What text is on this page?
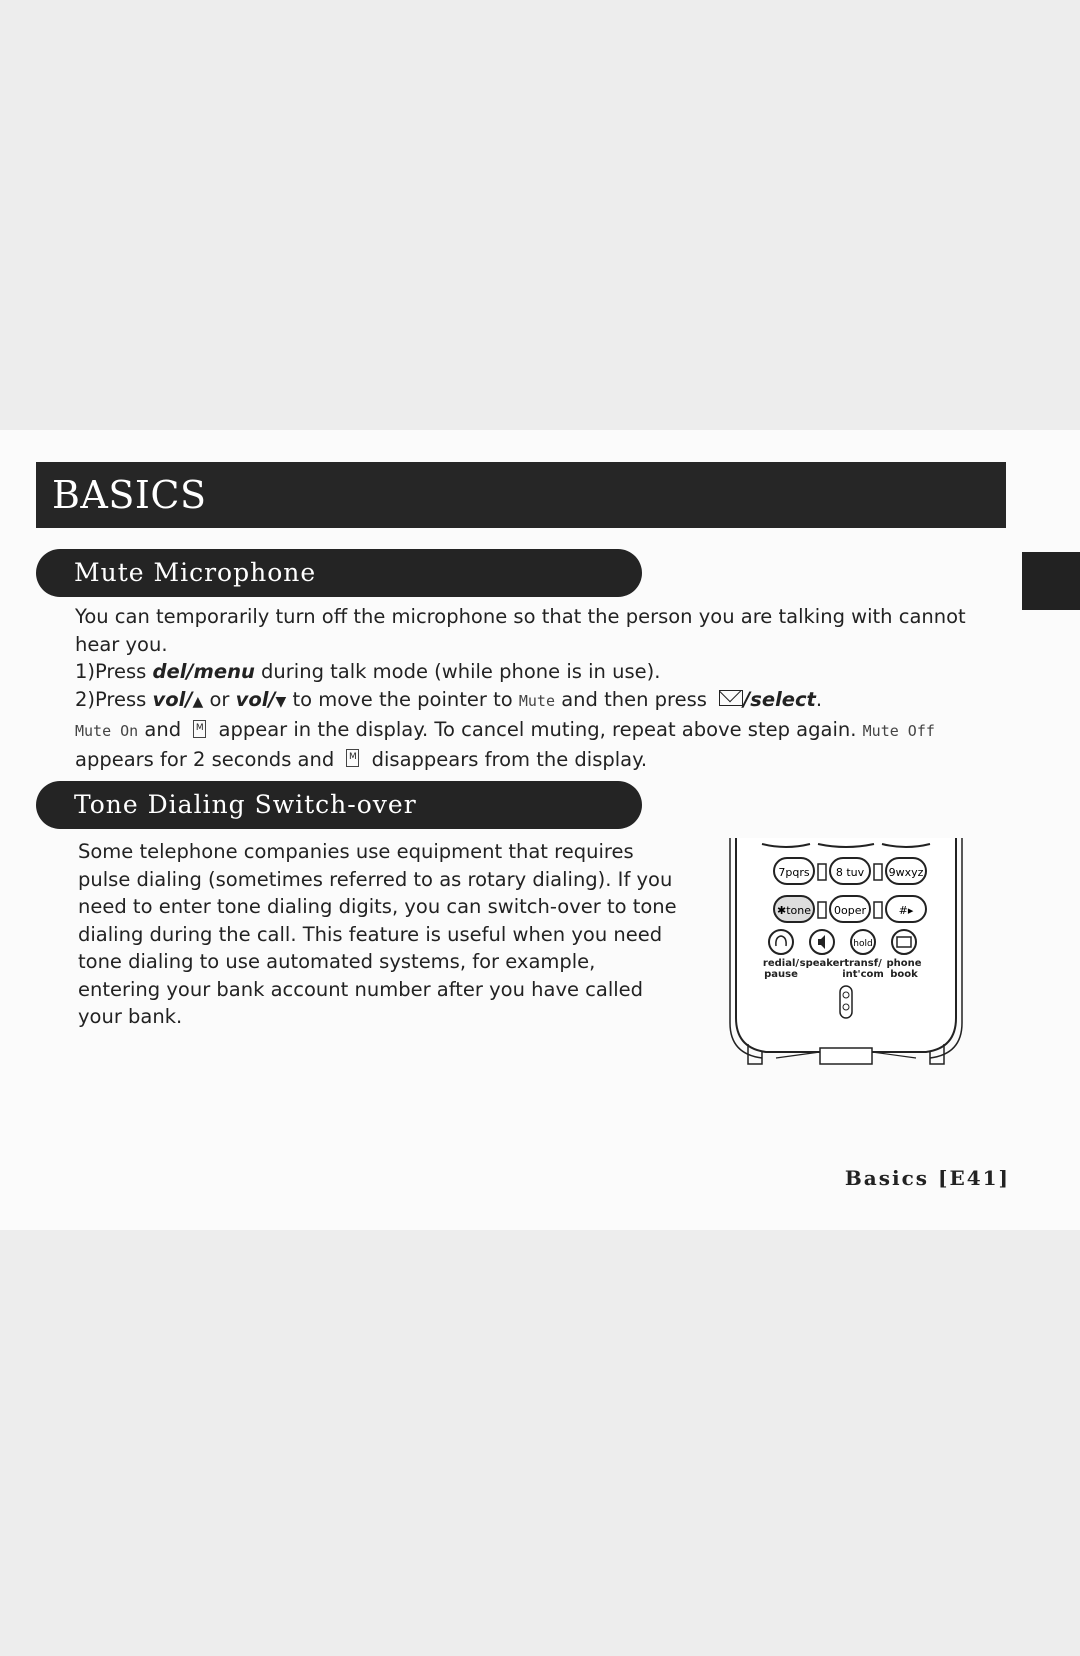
BASICS
Mute Microphone
You can temporarily turn off the microphone so that the person you are talking with cannot hear you.
1)Press del/menu during talk mode (while phone is in use).
2)Press vol/▲ or vol/▼ to move the pointer to Mute and then press /select.
Mute On and M appear in the display. To cancel muting, repeat above step again. Mute Off appears for 2 seconds and M disappears from the display.
Tone Dialing Switch-over
Some telephone companies use equipment that requires pulse dialing (sometimes referred to as rotary dialing). If you need to enter tone dialing digits, you can switch-over to tone dialing during the call. This feature is useful when you need tone dialing to use automated systems, for example, entering your bank account number after you have called your bank.
7pqrs 8 tuv 9wxyz
✱tone 0oper	#▸
hold
redial/
pause
speaker transf/
int'com
phone
book
Basics [E41]
